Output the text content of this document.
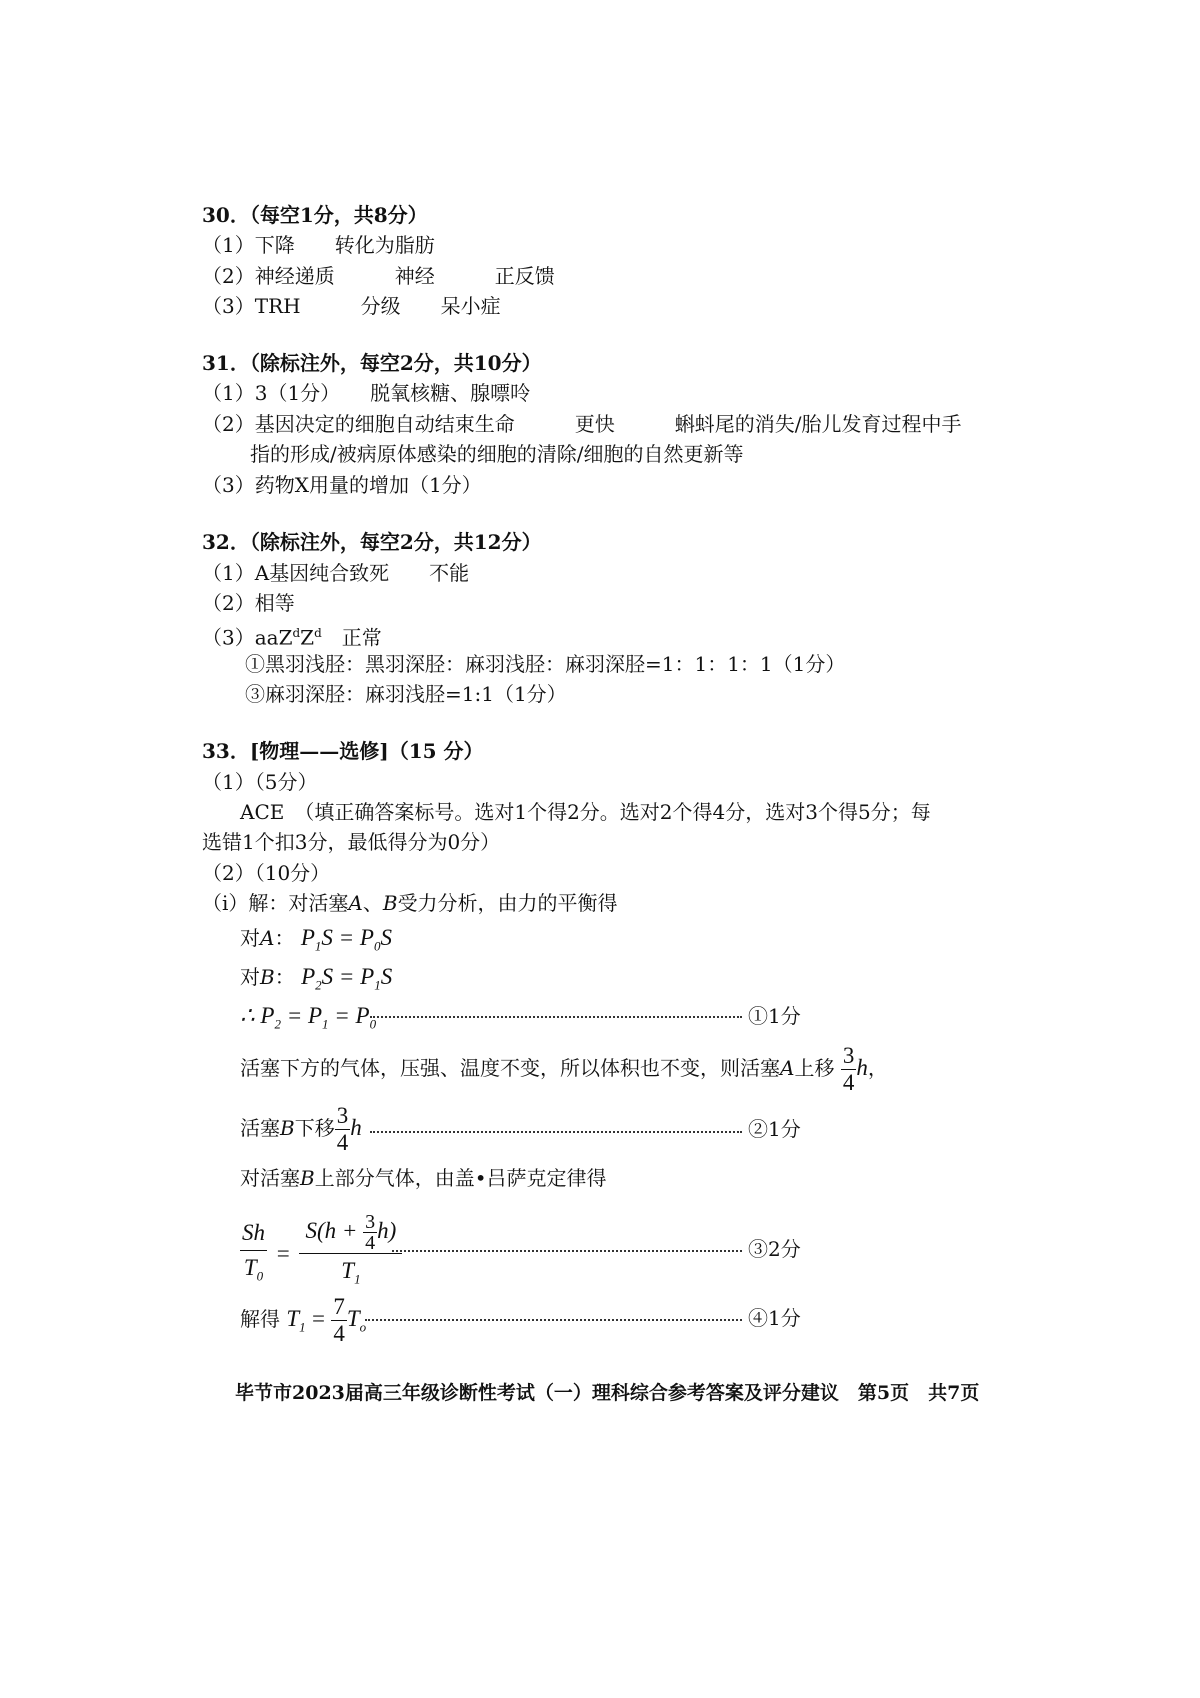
30．（每空1分，共8分）
（1）下降　　转化为脂肪
（2）神经递质　　　神经　　　正反馈
（3）TRH　　　分级　　呆小症
31．（除标注外，每空2分，共10分）
（1）3（1分）　　脱氧核糖、腺嘌呤
（2）基因决定的细胞自动结束生命　　　更快　　　蝌蚪尾的消失/胎儿发育过程中手
指的形成/被病原体感染的细胞的清除/细胞的自然更新等
（3）药物X用量的增加（1分）
32．（除标注外，每空2分，共12分）
（1）A基因纯合致死　　不能
（2）相等
$(3)aaZ^dZ^d$　正常
①黑羽浅胫：黑羽深胫：麻羽浅胫：麻羽深胫=1：1：1：1（1分）
③麻羽深胫：麻羽浅胫=1:1（1分）
33．[物理——选修]（15 分）
（1）（5分）
ACE　（填正确答案标号。选对1个得2分。选对2个得4分，选对3个得5分；每
选错1个扣3分，最低得分为0分）
（2）（10分）
（i）解：对活塞A、B受力分析，由力的平衡得
对A： $P_1S = P_0S$
对B： $P_2S = P_1S$
∴ $P_2 = P_1 = P_0$	①1分
活塞下方的气体，压强、温度不变，所以体积也不变，则活塞A上移 $\frac{3}{4}$ h，
活塞B下移 $\frac{3}{4}$ h	②1分
对活塞B上部分气体，由盖•吕萨克定律得
$\frac{Sh}{T_0} = \frac{S(h + \frac{3}{4} h)}{T_1}$	③2分
解得 $T_1 = \frac{7}{4} T_o$	④1分
毕节市2023届高三年级诊断性考试（一）理科综合参考答案及评分建议　第5页　共7页
